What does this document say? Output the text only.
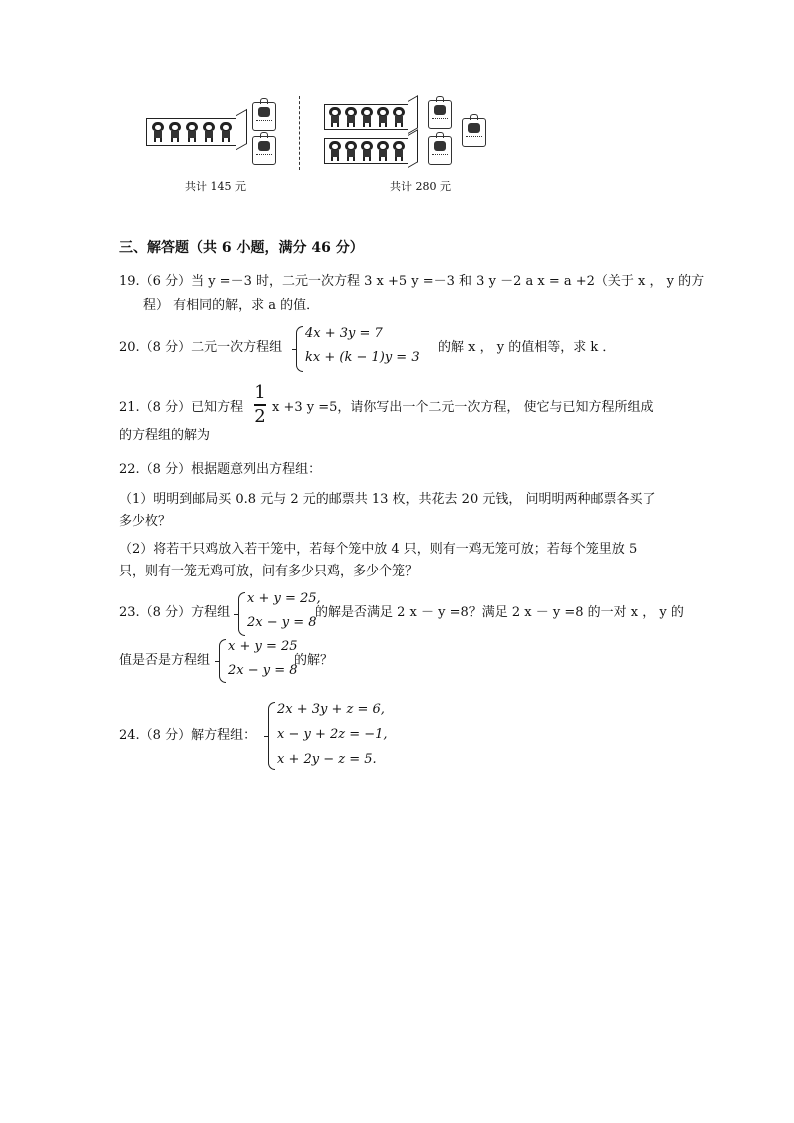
共计 145 元	共计 280 元
三、解答题（共 6 小题，满分 46 分）
19.（6 分）当 y =－3 时，二元一次方程 3 x +5 y =－3 和 3 y －2 a x = a +2（关于 x ， y 的方
程） 有相同的解，求 a 的值．
20.（8 分）二元一次方程组
4x + 3y = 7
kx + (k − 1)y = 3
的解 x ， y 的值相等，求 k ．
21.（8 分）已知方程
1
2 x +3 y =5，请你写出一个二元一次方程， 使它与已知方程所组成
的方程组的解为
22.（8 分）根据题意列出方程组：
（1）明明到邮局买 0.8 元与 2 元的邮票共 13 枚，共花去 20 元钱， 问明明两种邮票各买了
多少枚？
（2）将若干只鸡放入若干笼中，若每个笼中放 4 只，则有一鸡无笼可放；若每个笼里放 5
只，则有一笼无鸡可放，问有多少只鸡，多少个笼？
23.（8 分）方程组
x + y = 25,
2x − y = 8
的解是否满足 2 x － y =8？满足 2 x － y =8 的一对 x ， y 的
值是否是方程组
x + y = 25
2x − y = 8
的解？
24.（8 分）解方程组：
2x + 3y + z = 6,
x − y + 2z = −1,
x + 2y − z = 5.
